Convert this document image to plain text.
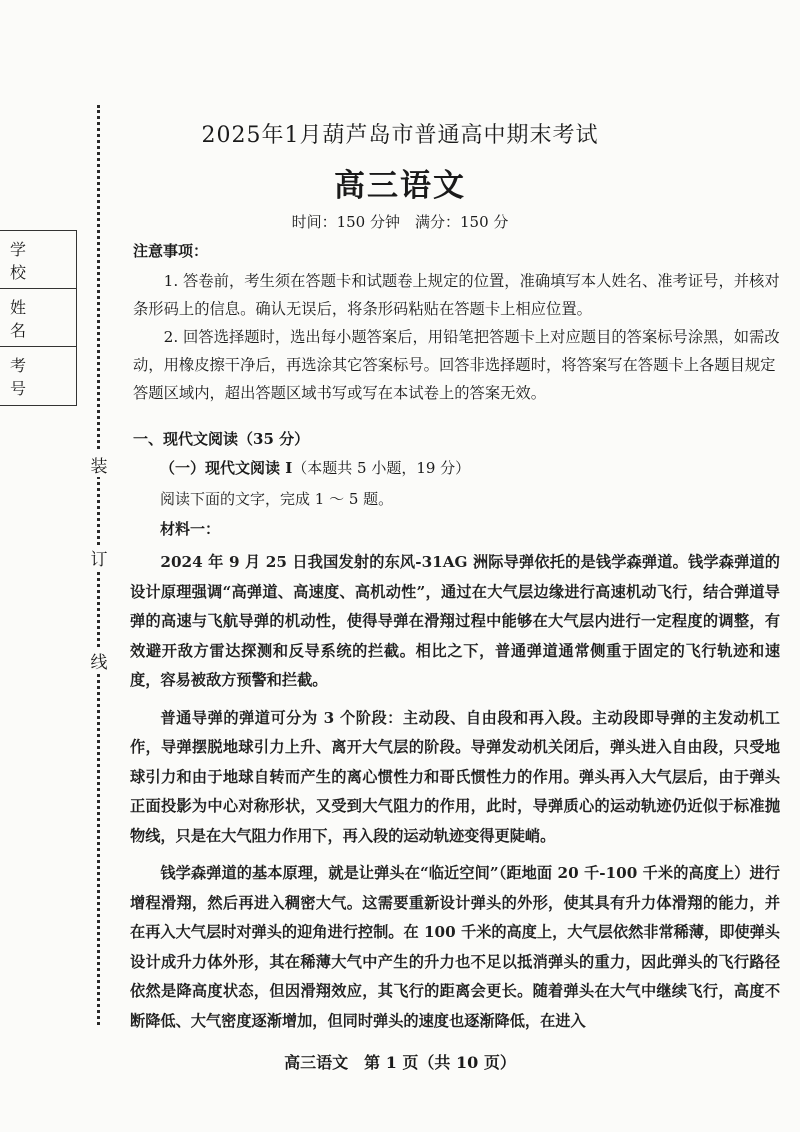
装
订
线
学 校
姓 名
考 号
2025年1月葫芦岛市普通高中期末考试
高三语文
时间：150 分钟　满分：150 分

注意事项：

1. 答卷前，考生须在答题卡和试题卷上规定的位置，准确填写本人姓名、准考证号，并核对条形码上的信息。确认无误后，将条形码粘贴在答题卡上相应位置。

2. 回答选择题时，选出每小题答案后，用铅笔把答题卡上对应题目的答案标号涂黑，如需改动，用橡皮擦干净后，再选涂其它答案标号。回答非选择题时，将答案写在答题卡上各题目规定答题区域内，超出答题区域书写或写在本试卷上的答案无效。

一、现代文阅读（35 分）
（一）现代文阅读 I（本题共 5 小题，19 分）
阅读下面的文字，完成 1 ～ 5 题。
材料一：

2024 年 9 月 25 日我国发射的东风-31AG 洲际导弹依托的是钱学森弹道。钱学森弹道的设计原理强调“高弹道、高速度、高机动性”，通过在大气层边缘进行高速机动飞行，结合弹道导弹的高速与飞航导弹的机动性，使得导弹在滑翔过程中能够在大气层内进行一定程度的调整，有效避开敌方雷达探测和反导系统的拦截。相比之下，普通弹道通常侧重于固定的飞行轨迹和速度，容易被敌方预警和拦截。

普通导弹的弹道可分为 3 个阶段：主动段、自由段和再入段。主动段即导弹的主发动机工作，导弹摆脱地球引力上升、离开大气层的阶段。导弹发动机关闭后，弹头进入自由段，只受地球引力和由于地球自转而产生的离心惯性力和哥氏惯性力的作用。弹头再入大气层后，由于弹头正面投影为中心对称形状，又受到大气阻力的作用，此时，导弹质心的运动轨迹仍近似于标准抛物线，只是在大气阻力作用下，再入段的运动轨迹变得更陡峭。

钱学森弹道的基本原理，就是让弹头在“临近空间”（距地面 20 千-100 千米的高度上）进行增程滑翔，然后再进入稠密大气。这需要重新设计弹头的外形，使其具有升力体滑翔的能力，并在再入大气层时对弹头的迎角进行控制。在 100 千米的高度上，大气层依然非常稀薄，即使弹头设计成升力体外形，其在稀薄大气中产生的升力也不足以抵消弹头的重力，因此弹头的飞行路径依然是降高度状态，但因滑翔效应，其飞行的距离会更长。随着弹头在大气中继续飞行，高度不断降低、大气密度逐渐增加，但同时弹头的速度也逐渐降低，在进入

高三语文　第 1 页（共 10 页）
